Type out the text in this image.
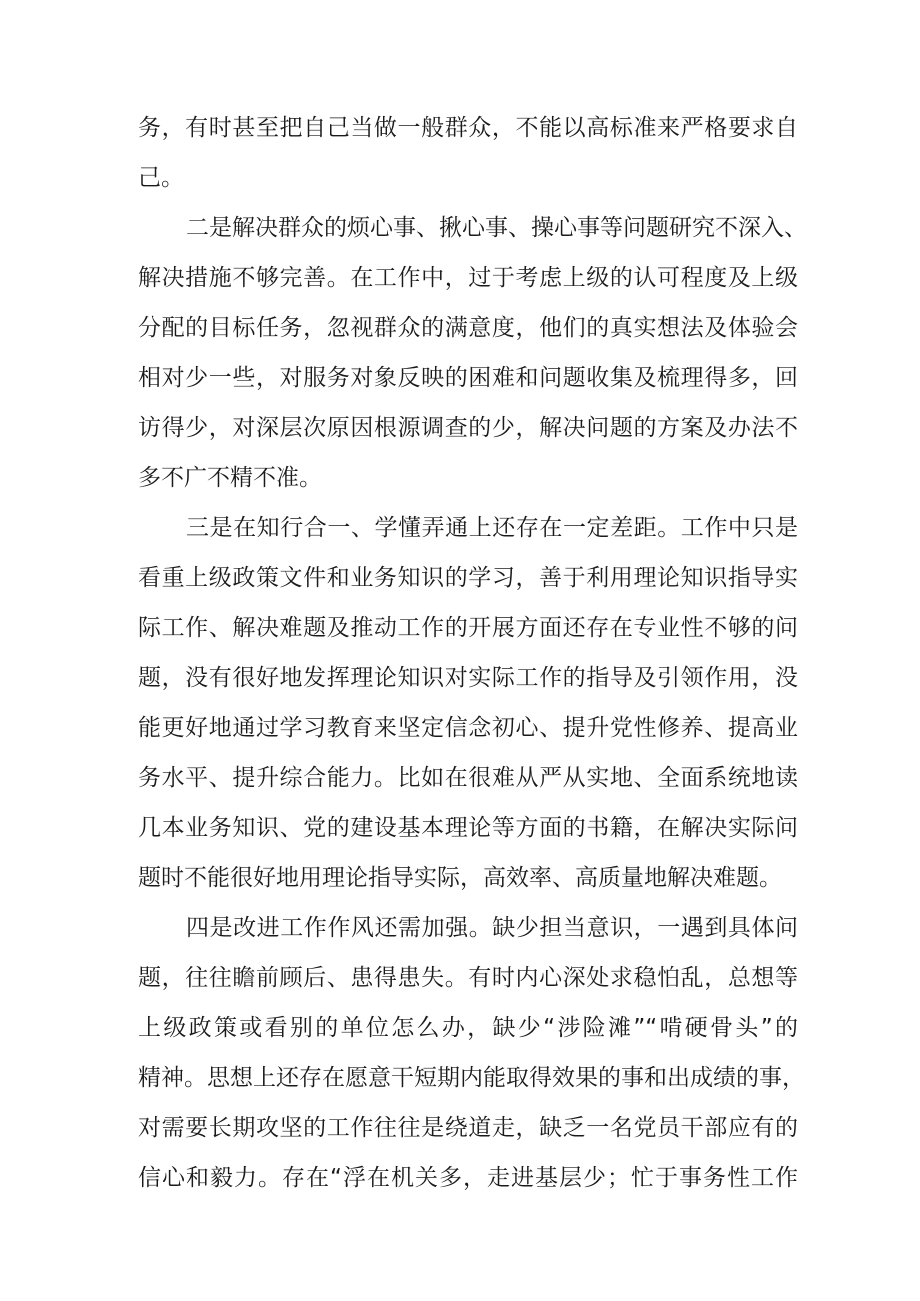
务，有时甚至把自己当做一般群众，不能以高标准来严格要求自
己。
二是解决群众的烦心事、揪心事、操心事等问题研究不深入、
解决措施不够完善。在工作中，过于考虑上级的认可程度及上级
分配的目标任务，忽视群众的满意度，他们的真实想法及体验会
相对少一些，对服务对象反映的困难和问题收集及梳理得多，回
访得少，对深层次原因根源调查的少，解决问题的方案及办法不
多不广不精不准。
三是在知行合一、学懂弄通上还存在一定差距。工作中只是
看重上级政策文件和业务知识的学习，善于利用理论知识指导实
际工作、解决难题及推动工作的开展方面还存在专业性不够的问
题，没有很好地发挥理论知识对实际工作的指导及引领作用，没
能更好地通过学习教育来坚定信念初心、提升党性修养、提高业
务水平、提升综合能力。比如在很难从严从实地、全面系统地读
几本业务知识、党的建设基本理论等方面的书籍，在解决实际问
题时不能很好地用理论指导实际，高效率、高质量地解决难题。
四是改进工作作风还需加强。缺少担当意识，一遇到具体问
题，往往瞻前顾后、患得患失。有时内心深处求稳怕乱，总想等
上级政策或看别的单位怎么办，缺少“涉险滩”“啃硬骨头”的
精神。思想上还存在愿意干短期内能取得效果的事和出成绩的事，
对需要长期攻坚的工作往往是绕道走，缺乏一名党员干部应有的
信心和毅力。存在“浮在机关多，走进基层少；忙于事务性工作
